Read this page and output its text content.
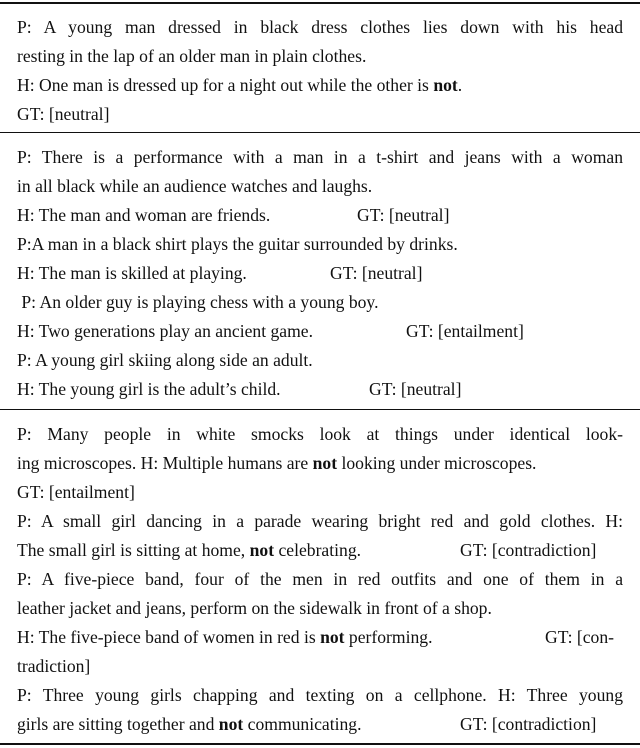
P: A young man dressed in black dress clothes lies down with his head
resting in the lap of an older man in plain clothes.
H: One man is dressed up for a night out while the other is not.
GT: [neutral]
P: There is a performance with a man in a t-shirt and jeans with a woman
in all black while an audience watches and laughs.
H: The man and woman are friends.	GT: [neutral]
P:A man in a black shirt plays the guitar surrounded by drinks.
H: The man is skilled at playing.	GT: [neutral]
P: An older guy is playing chess with a young boy.
H: Two generations play an ancient game.	GT: [entailment]
P: A young girl skiing along side an adult.
H: The young girl is the adult’s child.	GT: [neutral]
P: Many people in white smocks look at things under identical look-
ing microscopes. H: Multiple humans are not looking under microscopes.
GT: [entailment]
P: A small girl dancing in a parade wearing bright red and gold clothes. H:
The small girl is sitting at home, not celebrating.	GT: [contradiction]
P: A five-piece band, four of the men in red outfits and one of them in a
leather jacket and jeans, perform on the sidewalk in front of a shop.
H: The five-piece band of women in red is not performing.	GT: [con-
tradiction]
P: Three young girls chapping and texting on a cellphone. H: Three young
girls are sitting together and not communicating.	GT: [contradiction]
